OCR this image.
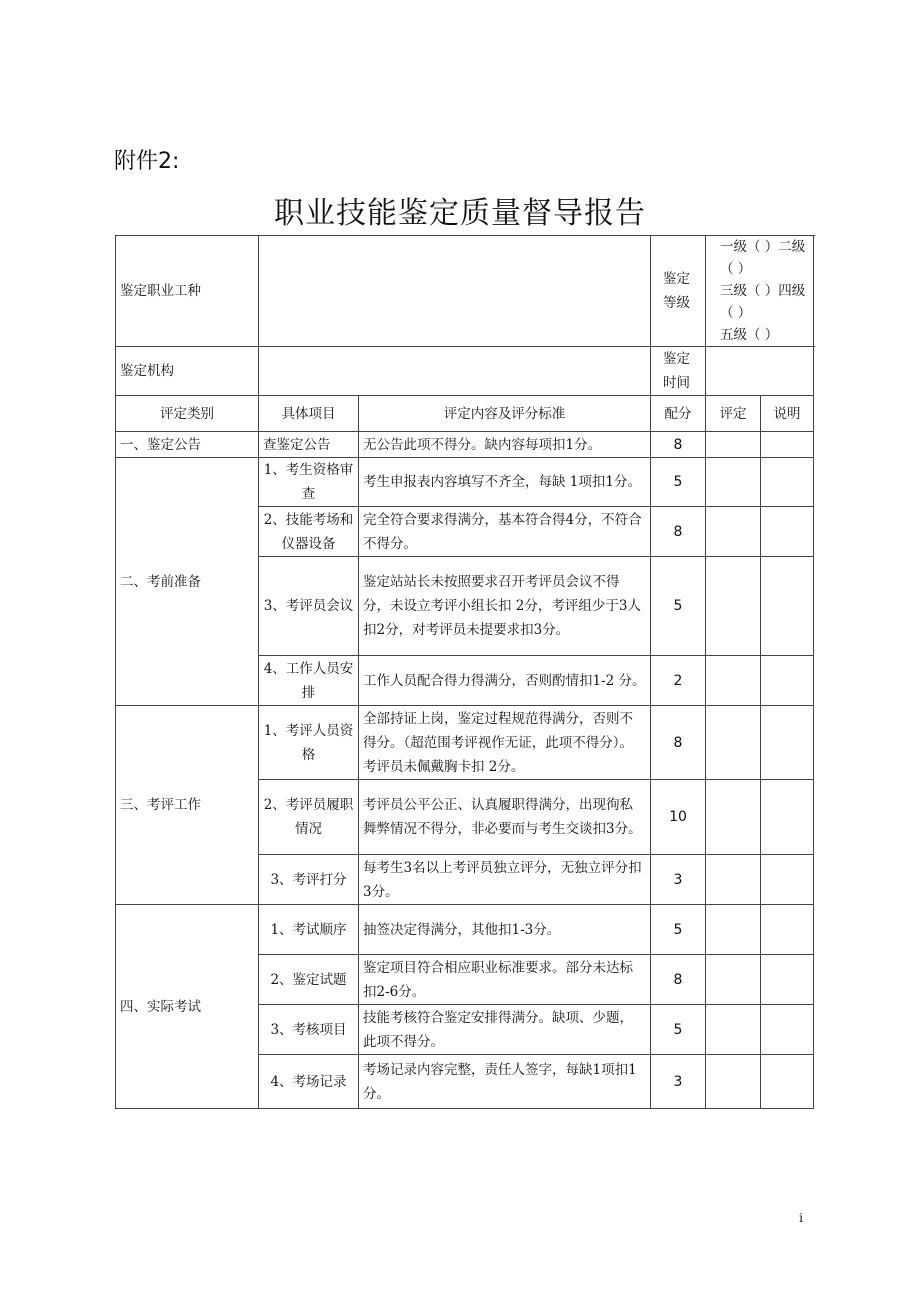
附件2:
职业技能鉴定质量督导报告
鉴定职业工种			鉴定等级	一级（ ）二级（ ）
三级（ ）四级（ ）
五级（ ）	

鉴定机构			鉴定时间		
评定类别	具体项目	评定内容及评分标准	配分	评定	说明
一、鉴定公告	查鉴定公告	无公告此项不得分。缺内容每项扣1分。	8		
二、考前准备	1、考生资格审查	考生申报表内容填写不齐全，每缺 1项扣1分。	5		
	2、技能考场和仪器设备	完全符合要求得满分，基本符合得4分，不符合不得分。	8		
	3、考评员会议	鉴定站站长未按照要求召开考评员会议不得分，未设立考评小组长扣 2分，考评组少于3人扣2分，对考评员未提要求扣3分。	5		
	4、工作人员安排	工作人员配合得力得满分，否则酌情扣1-2 分。	2		
三、考评工作	1、考评人员资格	全部持证上岗，鉴定过程规范得满分，否则不得分。（超范围考评视作无证，此项不得分）。考评员未佩戴胸卡扣 2分。	8		
	2、考评员履职情况	考评员公平公正、认真履职得满分，出现徇私舞弊情况不得分，非必要而与考生交谈扣3分。	10		
	3、考评打分	每考生3名以上考评员独立评分，无独立评分扣3分。	3		
四、实际考试	1、考试顺序	抽签决定得满分，其他扣1-3分。	5		
	2、鉴定试题	鉴定项目符合相应职业标准要求。部分未达标扣2-6分。	8		
	3、考核项目	技能考核符合鉴定安排得满分。缺项、少题，此项不得分。	5		
	4、考场记录	考场记录内容完整，责任人签字，每缺1项扣1分。	3		
i
